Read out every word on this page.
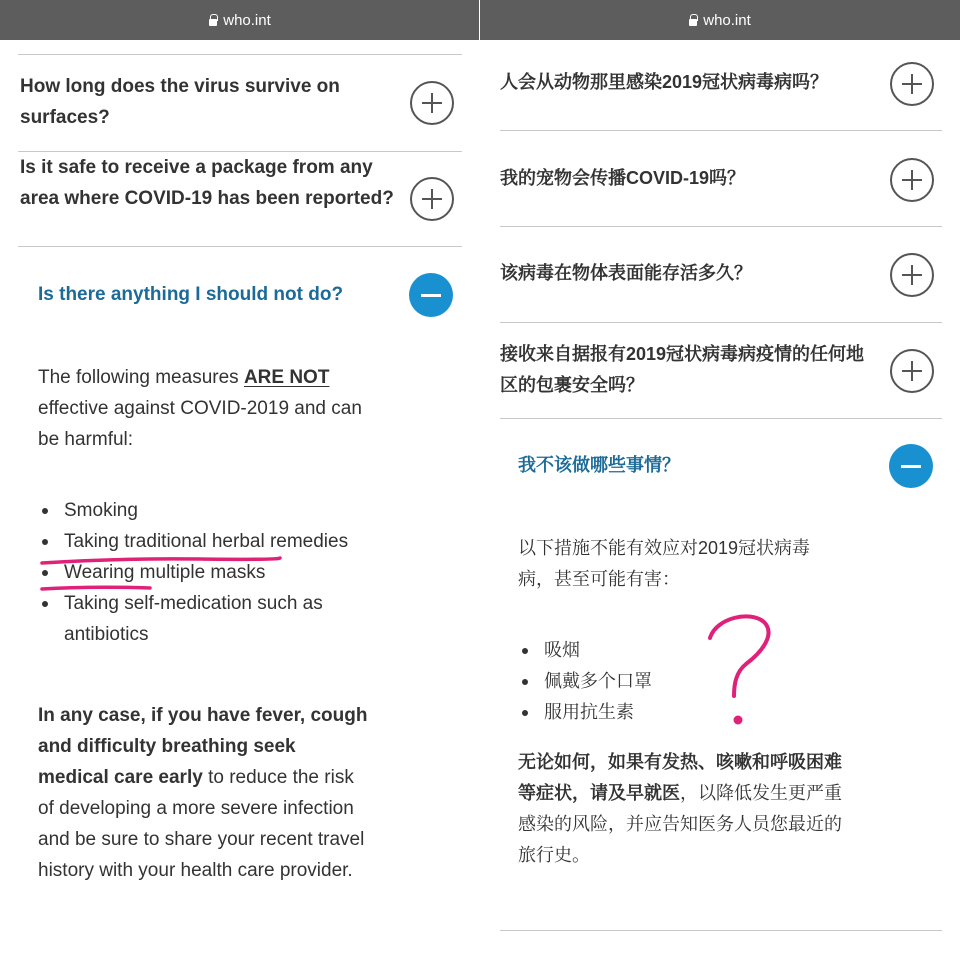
who.int
How long does the virus survive on surfaces?
Is it safe to receive a package from any area where COVID-19 has been reported?
Is there anything I should not do?
The following measures ARE NOT effective against COVID-2019 and can be harmful:
Smoking
Taking traditional herbal remedies
Wearing multiple masks
Taking self-medication such as antibiotics
In any case, if you have fever, cough and difficulty breathing seek medical care early to reduce the risk of developing a more severe infection and be sure to share your recent travel history with your health care provider.
who.int
人会从动物那里感染2019冠状病毒病吗？
我的宠物会传播COVID-19吗？
该病毒在物体表面能存活多久？
接收来自据报有2019冠状病毒病疫情的任何地区的包裹安全吗？
我不该做哪些事情？
以下措施不能有效应对2019冠状病毒病，甚至可能有害：
吸烟
佩戴多个口罩
服用抗生素
无论如何，如果有发热、咳嗽和呼吸困难等症状，请及早就医，以降低发生更严重感染的风险，并应告知医务人员您最近的旅行史。
